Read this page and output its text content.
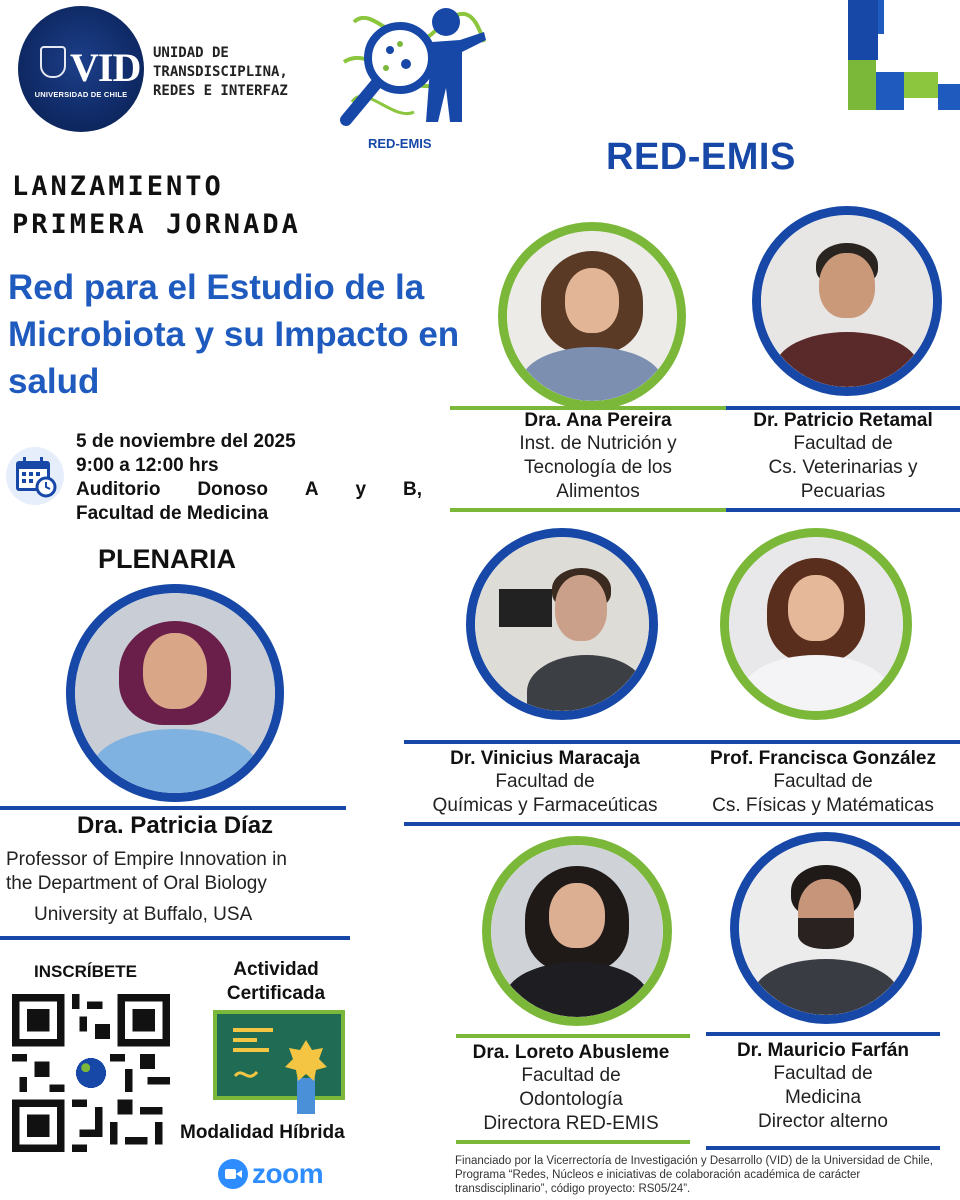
VID
UNIVERSIDAD DE CHILE
UNIDAD DE
TRANSDISCIPLINA,
REDES E INTERFAZ
RED-EMIS	RED-EMIS
LANZAMIENTO
PRIMERA JORNADA
Red para el Estudio de la Microbiota y su Impacto en salud
5 de noviembre del 2025
9:00 a 12:00 hrs
Auditorio Donoso A y B,
Facultad de Medicina
PLENARIA
Dra. Patricia Díaz
Professor of Empire Innovation in
the Department of Oral Biology
University at Buffalo, USA
Dra. Ana Pereira
Inst. de Nutrición y
Tecnología de los
Alimentos
Dr. Patricio Retamal
Facultad de
Cs. Veterinarias y
Pecuarias
Dr. Vinicius Maracaja
Facultad de
Químicas y Farmaceúticas
Prof. Francisca González
Facultad de
Cs. Físicas y Matématicas
Dra. Loreto Abusleme
Facultad de
Odontología
Directora RED-EMIS
Dr. Mauricio Farfán
Facultad de
Medicina
Director alterno
INSCRÍBETE	Actividad
Certificada
Modalidad Híbrida
zoom	Financiado por la Vicerrectoría de Investigación y Desarrollo (VID) de la Universidad de Chile, Programa “Redes, Núcleos e iniciativas de colaboración académica de carácter transdisciplinario”, código proyecto: RS05/24”.
